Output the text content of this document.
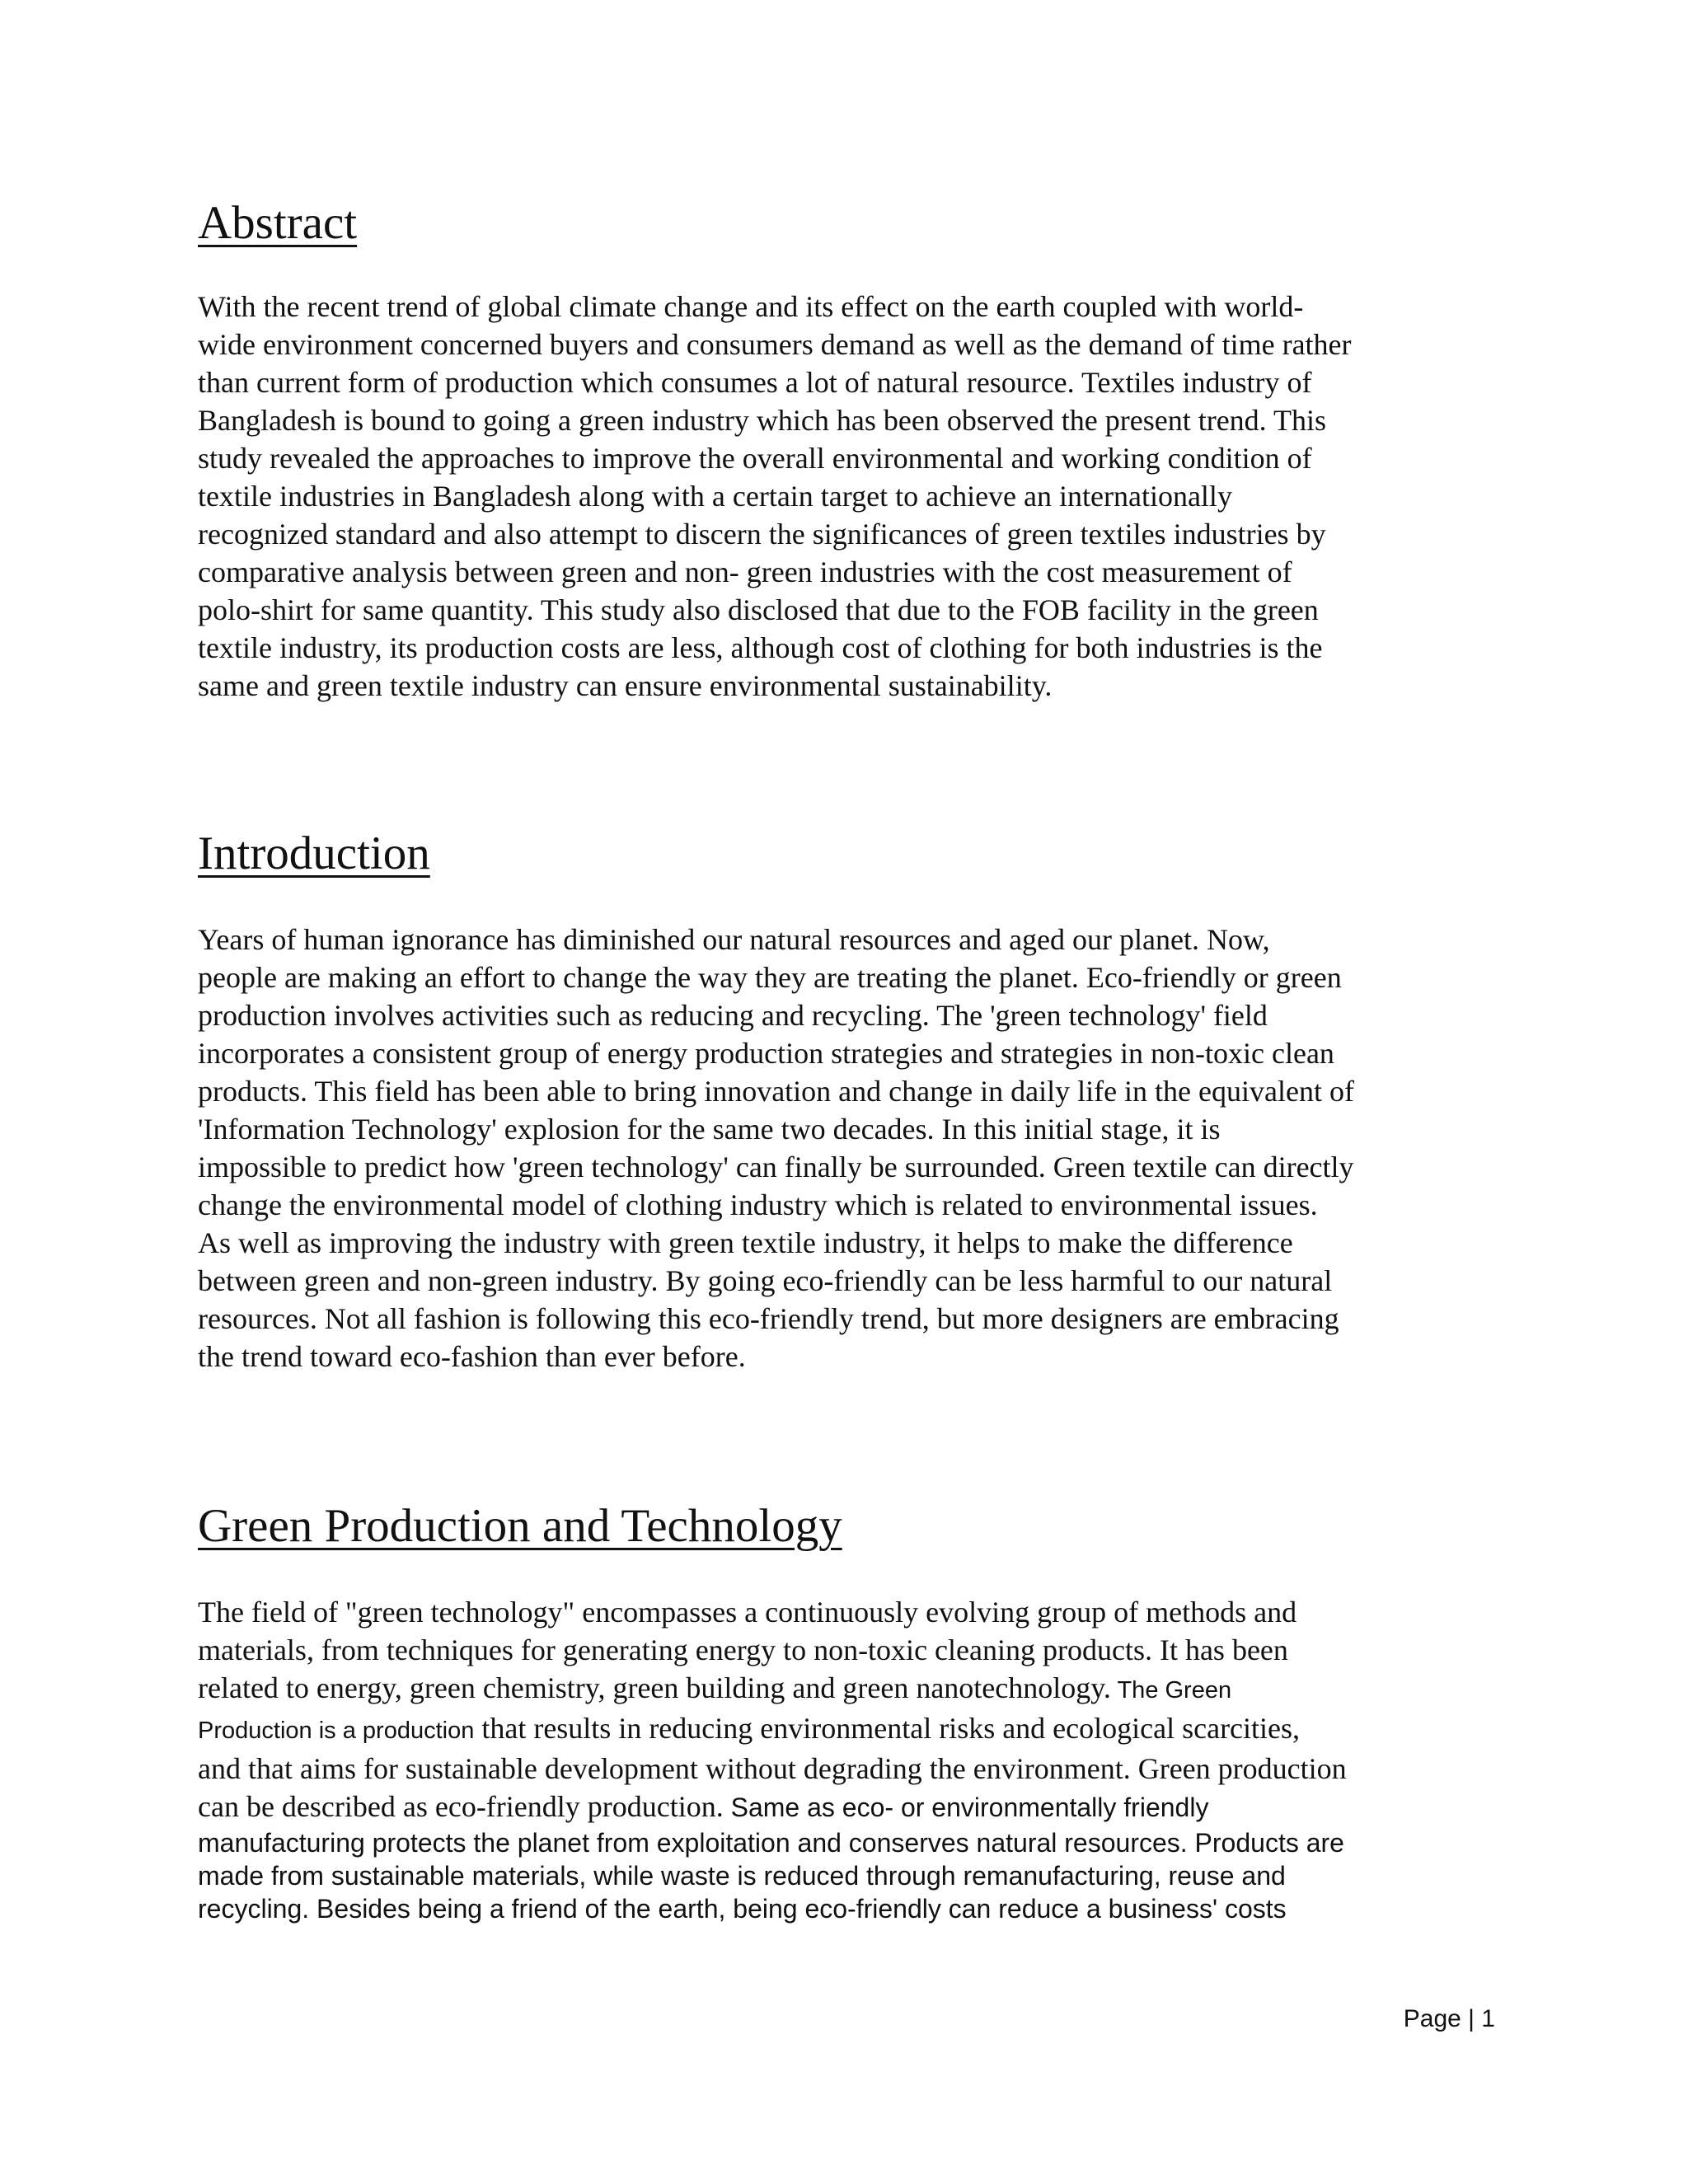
Abstract
With the recent trend of global climate change and its effect on the earth coupled with world-
wide environment concerned buyers and consumers demand as well as the demand of time rather
than current form of production which consumes a lot of natural resource. Textiles industry of
Bangladesh is bound to going a green industry which has been observed the present trend. This
study revealed the approaches to improve the overall environmental and working condition of
textile industries in Bangladesh along with a certain target to achieve an internationally
recognized standard and also attempt to discern the significances of green textiles industries by
comparative analysis between green and non- green industries with the cost measurement of
polo-shirt for same quantity. This study also disclosed that due to the FOB facility in the green
textile industry, its production costs are less, although cost of clothing for both industries is the
same and green textile industry can ensure environmental sustainability.
Introduction
Years of human ignorance has diminished our natural resources and aged our planet. Now,
people are making an effort to change the way they are treating the planet. Eco-friendly or green
production involves activities such as reducing and recycling. The 'green technology' field
incorporates a consistent group of energy production strategies and strategies in non-toxic clean
products. This field has been able to bring innovation and change in daily life in the equivalent of
'Information Technology' explosion for the same two decades. In this initial stage, it is
impossible to predict how 'green technology' can finally be surrounded. Green textile can directly
change the environmental model of clothing industry which is related to environmental issues.
As well as improving the industry with green textile industry, it helps to make the difference
between green and non-green industry. By going eco-friendly can be less harmful to our natural
resources. Not all fashion is following this eco-friendly trend, but more designers are embracing
the trend toward eco-fashion than ever before.
Green Production and Technology
The field of "green technology" encompasses a continuously evolving group of methods and
materials, from techniques for generating energy to non-toxic cleaning products. It has been
related to energy, green chemistry, green building and green nanotechnology. The Green
Production is a production that results in reducing environmental risks and ecological scarcities,
and that aims for sustainable development without degrading the environment. Green production
can be described as eco-friendly production. Same as eco- or environmentally friendly
manufacturing protects the planet from exploitation and conserves natural resources. Products are
made from sustainable materials, while waste is reduced through remanufacturing, reuse and
recycling. Besides being a friend of the earth, being eco-friendly can reduce a business' costs
Page | 1
